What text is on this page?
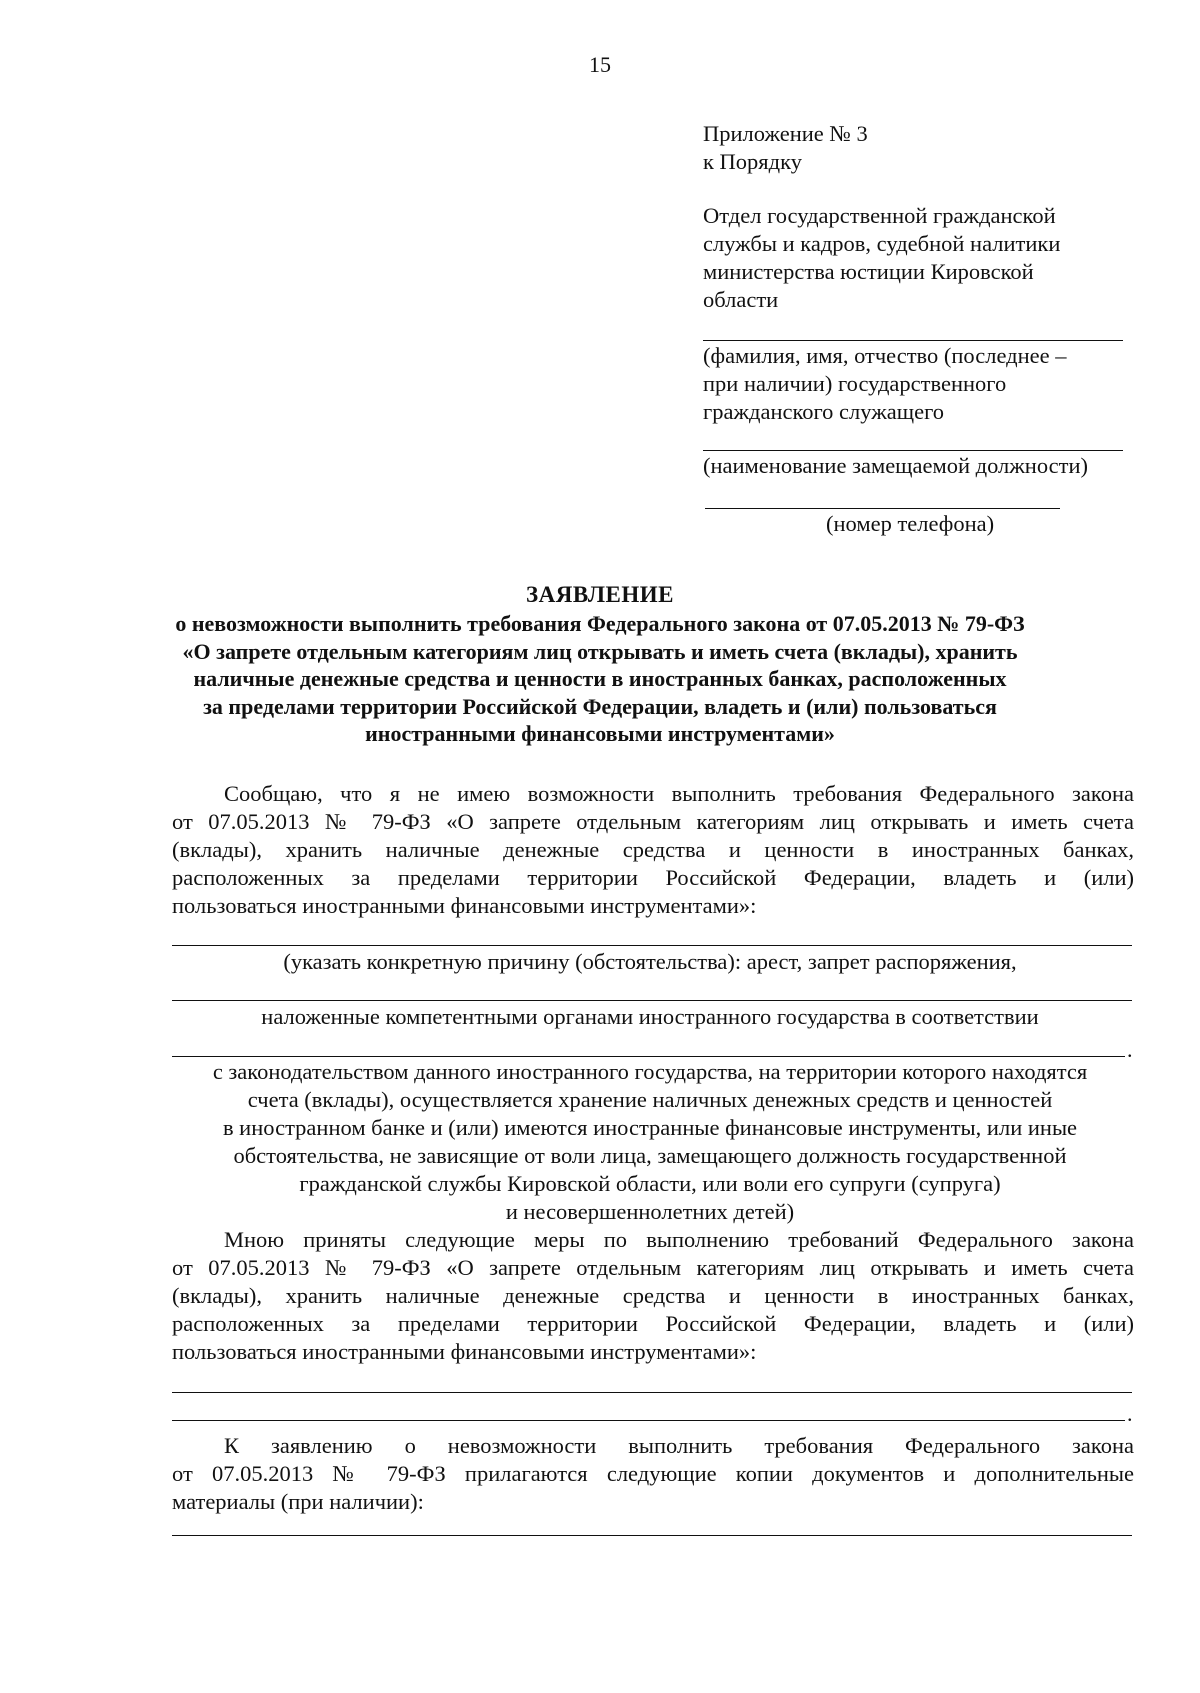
15
Приложение № 3
к Порядку
Отдел государственной гражданской
службы и кадров, судебной налитики
министерства юстиции Кировской
области
(фамилия, имя, отчество (последнее –
при наличии) государственного
гражданского служащего
(наименование замещаемой должности)
(номер телефона)
ЗАЯВЛЕНИЕ
о невозможности выполнить требования Федерального закона от 07.05.2013 № 79-ФЗ
«О запрете отдельным категориям лиц открывать и иметь счета (вклады), хранить
наличные денежные средства и ценности в иностранных банках, расположенных
за пределами территории Российской Федерации, владеть и (или) пользоваться
иностранными финансовыми инструментами»
Сообщаю, что я не имею возможности выполнить требования Федерального закона
от 07.05.2013 № 79-ФЗ «О запрете отдельным категориям лиц открывать и иметь счета
(вклады), хранить наличные денежные средства и ценности в иностранных банках,
расположенных за пределами территории Российской Федерации, владеть и (или)
пользоваться иностранными финансовыми инструментами»:
(указать конкретную причину (обстоятельства): арест, запрет распоряжения,
наложенные компетентными органами иностранного государства в соответствии
.
с законодательством данного иностранного государства, на территории которого находятся
счета (вклады), осуществляется хранение наличных денежных средств и ценностей
в иностранном банке и (или) имеются иностранные финансовые инструменты, или иные
обстоятельства, не зависящие от воли лица, замещающего должность государственной
гражданской службы Кировской области, или воли его супруги (супруга)
и несовершеннолетних детей)
Мною приняты следующие меры по выполнению требований Федерального закона
от 07.05.2013 № 79-ФЗ «О запрете отдельным категориям лиц открывать и иметь счета
(вклады), хранить наличные денежные средства и ценности в иностранных банках,
расположенных за пределами территории Российской Федерации, владеть и (или)
пользоваться иностранными финансовыми инструментами»:
.
К заявлению о невозможности выполнить требования Федерального закона
от 07.05.2013 № 79-ФЗ прилагаются следующие копии документов и дополнительные
материалы (при наличии):
